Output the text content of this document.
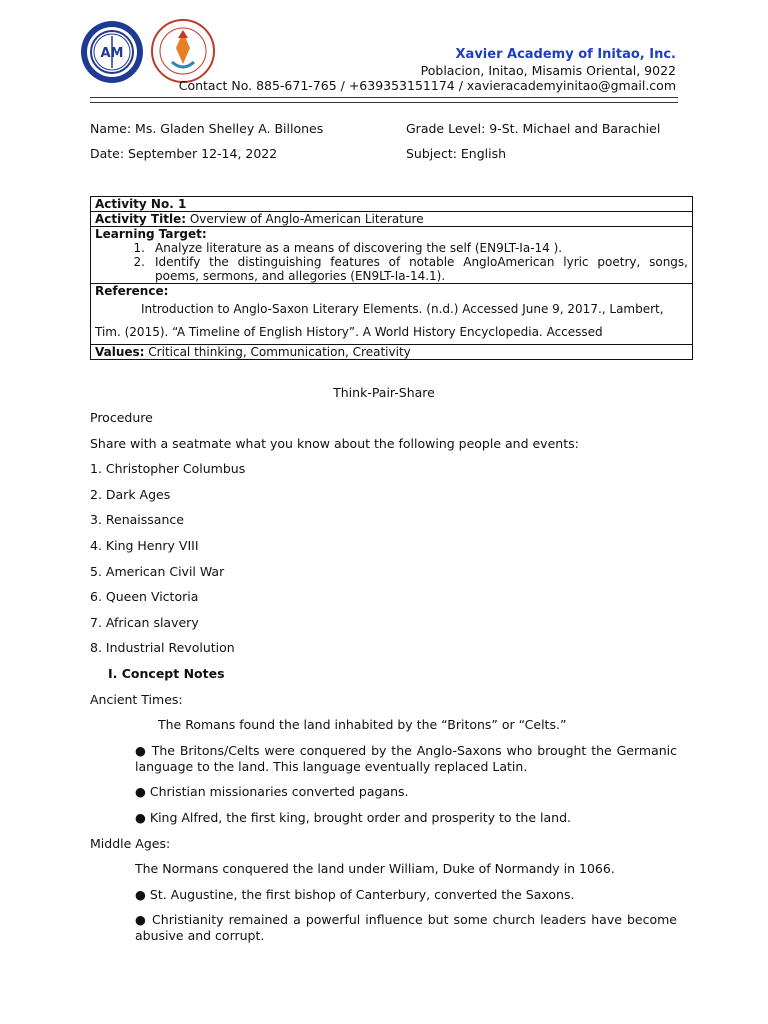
AM	Xavier Academy of Initao, Inc.
Poblacion, Initao, Misamis Oriental, 9022
Contact No. 885-671-765 / +639353151174 / xavieracademyinitao@gmail.com
Name: Ms. Gladen Shelley A. Billones	Grade Level: 9-St. Michael and Barachiel
Date: September 12-14, 2022	Subject: English
Activity No. 1
Activity Title: Overview of Anglo-American Literature
Learning Target:
1. Analyze literature as a means of discovering the self (EN9LT-Ia-14 ).
2. Identify the distinguishing features of notable AngloAmerican lyric poetry, songs, poems, sermons, and allegories (EN9LT-Ia-14.1).

Reference:
Introduction to Anglo-Saxon Literary Elements. (n.d.) Accessed June 9, 2017., Lambert, Tim. (2015). “A Timeline of English History”. A World History Encyclopedia. Accessed

Values: Critical thinking, Communication, Creativity
Think-Pair-Share
Procedure
Share with a seatmate what you know about the following people and events:
1. Christopher Columbus
2. Dark Ages
3. Renaissance
4. King Henry VIII
5. American Civil War
6. Queen Victoria
7. African slavery
8. Industrial Revolution
I. Concept Notes
Ancient Times:
The Romans found the land inhabited by the “Britons” or “Celts.”
● The Britons/Celts were conquered by the Anglo-Saxons who brought the Germanic language to the land. This language eventually replaced Latin.
● Christian missionaries converted pagans.
● King Alfred, the first king, brought order and prosperity to the land.
Middle Ages:
The Normans conquered the land under William, Duke of Normandy in 1066.
● St. Augustine, the first bishop of Canterbury, converted the Saxons.
● Christianity remained a powerful influence but some church leaders have become abusive and corrupt.
